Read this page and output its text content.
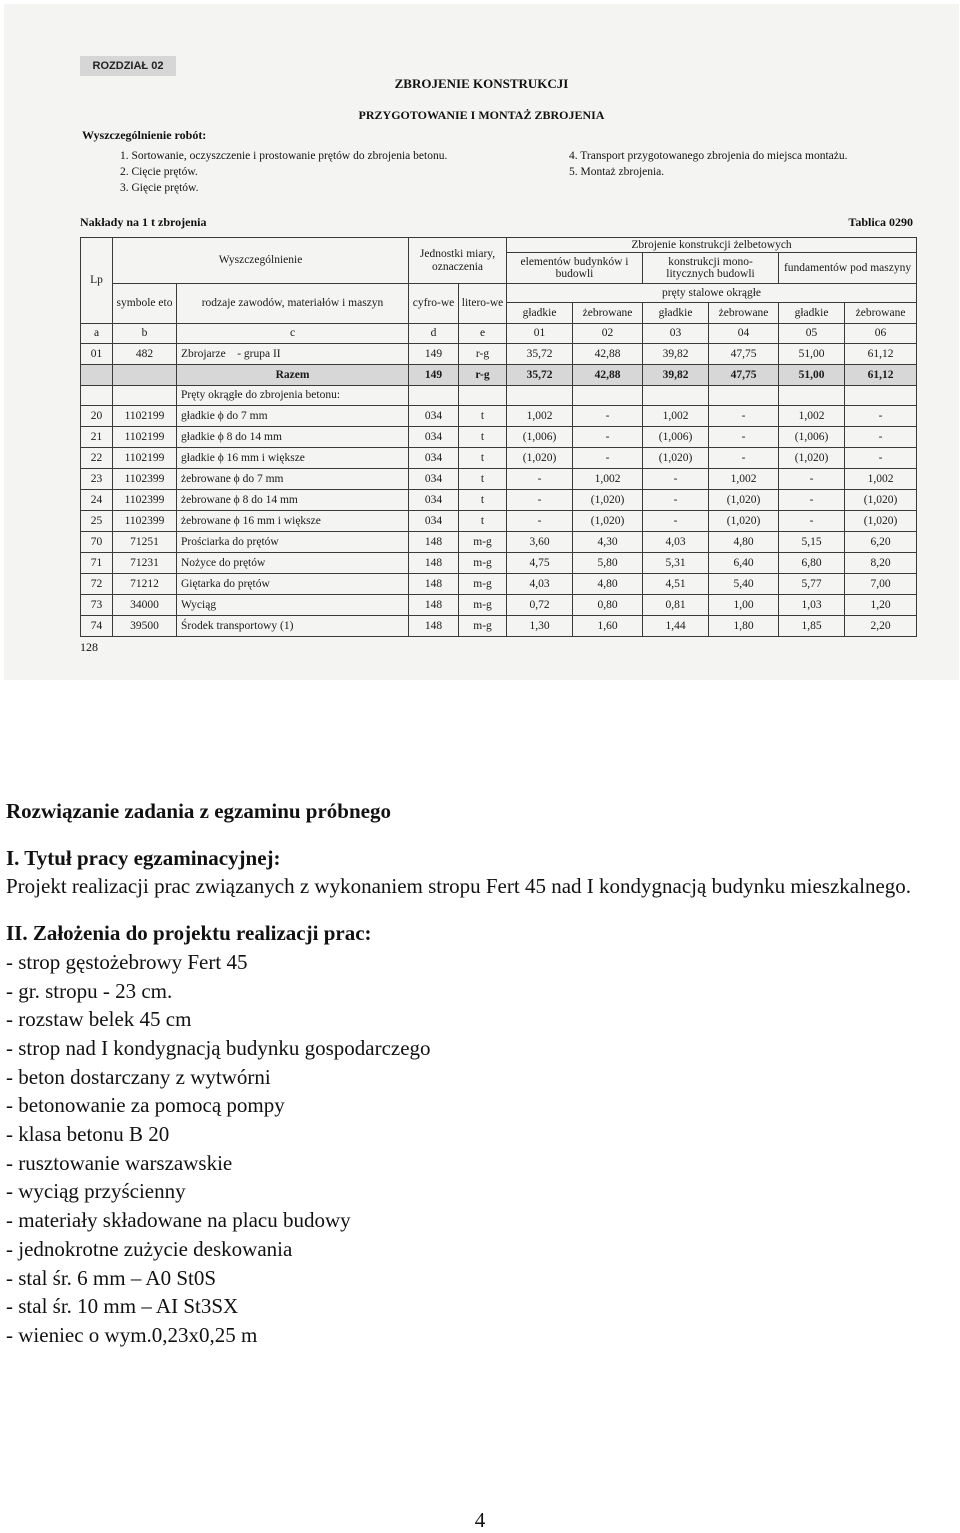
ROZDZIAŁ 02
ZBROJENIE KONSTRUKCJI
PRZYGOTOWANIE I MONTAŻ ZBROJENIA
Wyszczególnienie robót:
1. Sortowanie, oczyszczenie i prostowanie prętów do zbrojenia betonu.
2. Cięcie prętów.
3. Gięcie prętów.
4. Transport przygotowanego zbrojenia do miejsca montażu.
5. Montaż zbrojenia.
Nakłady na 1 t zbrojenia	Tablica 0290
Lp	Wyszczególnienie		Jednostki miary, oznaczenia		Zbrojenie konstrukcji żelbetowych					
					elementów budynków i budowli		konstrukcji mono-litycznych budowli		fundamentów pod maszyny	
	symbole eto	rodzaje zawodów, materiałów i maszyn	cyfro-we	litero-we	pręty stalowe okrągłe					
					gładkie	żebrowane	gładkie	żebrowane	gładkie	żebrowane
a	b	c	d	e	01	02	03	04	05	06
01	482	Zbrojarze    - grupa II	149	r-g	35,72	42,88	39,82	47,75	51,00	61,12
		Razem	149	r-g	35,72	42,88	39,82	47,75	51,00	61,12
		Pręty okrągłe do zbrojenia betonu:								
20	1102199	gładkie ϕ do 7 mm	034	t	1,002	-	1,002	-	1,002	-
21	1102199	gładkie ϕ 8 do 14 mm	034	t	(1,006)	-	(1,006)	-	(1,006)	-
22	1102199	gładkie ϕ 16 mm i większe	034	t	(1,020)	-	(1,020)	-	(1,020)	-
23	1102399	żebrowane ϕ do 7 mm	034	t	-	1,002	-	1,002	-	1,002
24	1102399	żebrowane ϕ 8 do 14 mm	034	t	-	(1,020)	-	(1,020)	-	(1,020)
25	1102399	żebrowane ϕ 16 mm i większe	034	t	-	(1,020)	-	(1,020)	-	(1,020)
70	71251	Prościarka do prętów	148	m-g	3,60	4,30	4,03	4,80	5,15	6,20
71	71231	Nożyce do prętów	148	m-g	4,75	5,80	5,31	6,40	6,80	8,20
72	71212	Giętarka do prętów	148	m-g	4,03	4,80	4,51	5,40	5,77	7,00
73	34000	Wyciąg	148	m-g	0,72	0,80	0,81	1,00	1,03	1,20
74	39500	Środek transportowy (1)	148	m-g	1,30	1,60	1,44	1,80	1,85	2,20
128

Rozwiązanie zadania z egzaminu próbnego

I. Tytuł pracy egzaminacyjnej:

Projekt realizacji prac związanych z wykonaniem stropu Fert 45 nad I kondygnacją budynku mieszkalnego.

II. Założenia do projektu realizacji prac:

- strop gęstożebrowy Fert 45

- gr. stropu - 23 cm.

- rozstaw belek 45 cm

- strop nad I kondygnacją budynku gospodarczego

- beton dostarczany z wytwórni

- betonowanie za pomocą pompy

- klasa betonu B 20

- rusztowanie warszawskie

- wyciąg przyścienny

- materiały składowane na placu budowy

- jednokrotne zużycie deskowania

- stal śr. 6 mm – A0 St0S

- stal śr. 10 mm – AI St3SX

- wieniec o wym.0,23x0,25 m

4
